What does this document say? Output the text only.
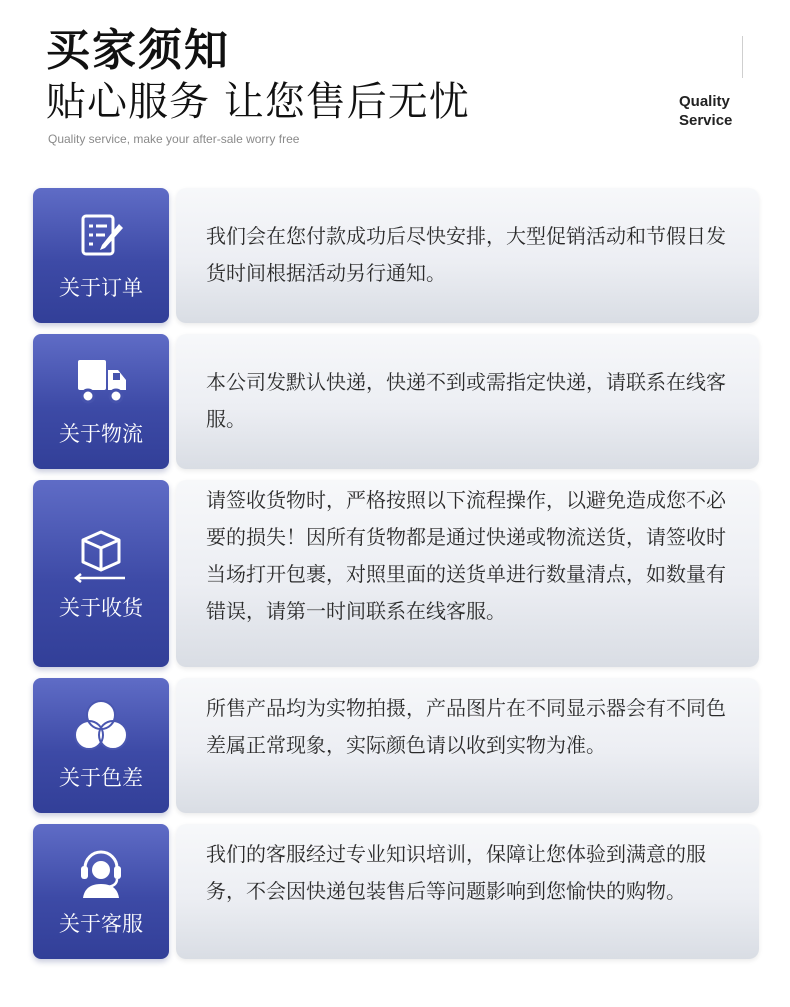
买家须知
贴心服务 让您售后无忧
Quality service, make your after-sale worry free
Quality
Service
关于订单

我们会在您付款成功后尽快安排，大型促销活动和节假日发货时间根据活动另行通知。

关于物流

本公司发默认快递，快递不到或需指定快递，请联系在线客服。

关于收货

请签收货物时，严格按照以下流程操作，以避免造成您不必要的损失！因所有货物都是通过快递或物流送货，请签收时当场打开包裹，对照里面的送货单进行数量清点，如数量有错误，请第一时间联系在线客服。

关于色差

所售产品均为实物拍摄，产品图片在不同显示器会有不同色差属正常现象，实际颜色请以收到实物为准。

关于客服

我们的客服经过专业知识培训，保障让您体验到满意的服务，不会因快递包装售后等问题影响到您愉快的购物。
